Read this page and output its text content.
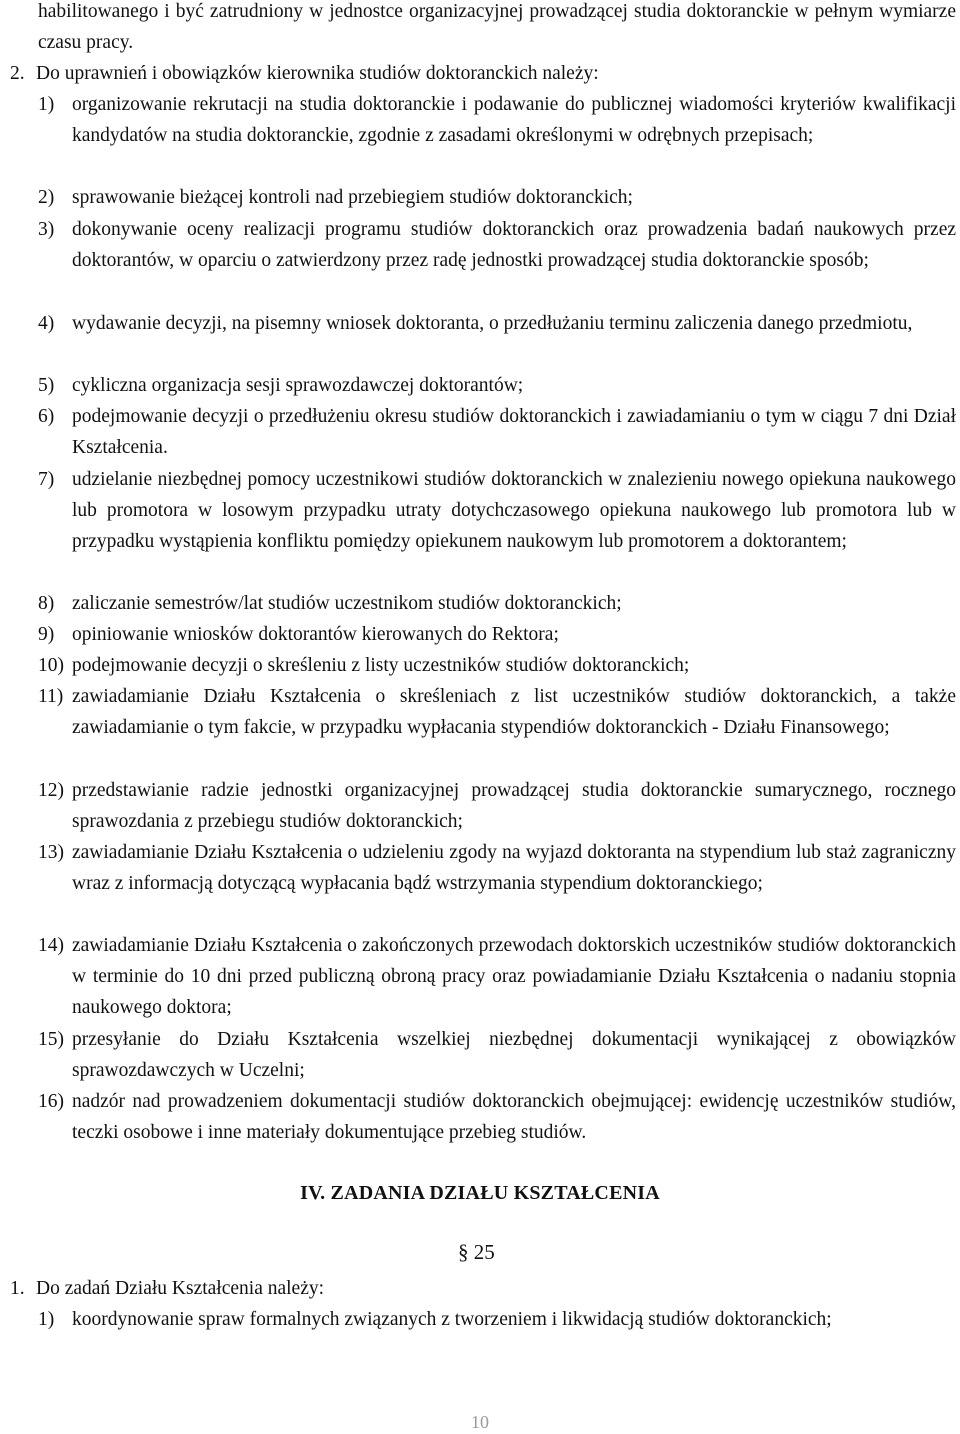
habilitowanego i być zatrudniony w jednostce organizacyjnej prowadzącej studia doktoranckie w pełnym wymiarze czasu pracy.
2. Do uprawnień i obowiązków kierownika studiów doktoranckich należy:
1) organizowanie rekrutacji na studia doktoranckie i podawanie do publicznej wiadomości kryteriów kwalifikacji kandydatów na studia doktoranckie, zgodnie z zasadami określonymi w odrębnych przepisach;
2) sprawowanie bieżącej kontroli nad przebiegiem studiów doktoranckich;
3) dokonywanie oceny realizacji programu studiów doktoranckich oraz prowadzenia badań naukowych przez doktorantów, w oparciu o zatwierdzony przez radę jednostki prowadzącej studia doktoranckie sposób;
4) wydawanie decyzji, na pisemny wniosek doktoranta, o przedłużaniu terminu zaliczenia danego przedmiotu,
5) cykliczna organizacja sesji sprawozdawczej doktorantów;
6) podejmowanie decyzji o przedłużeniu okresu studiów doktoranckich i zawiadamianiu o tym w ciągu 7 dni Dział Kształcenia.
7) udzielanie niezbędnej pomocy uczestnikowi studiów doktoranckich w znalezieniu nowego opiekuna naukowego lub promotora w losowym przypadku utraty dotychczasowego opiekuna naukowego lub promotora lub w przypadku wystąpienia konfliktu pomiędzy opiekunem naukowym lub promotorem a doktorantem;
8) zaliczanie semestrów/lat studiów uczestnikom studiów doktoranckich;
9) opiniowanie wniosków doktorantów kierowanych do Rektora;
10) podejmowanie decyzji o skreśleniu z listy uczestników studiów doktoranckich;
11) zawiadamianie Działu Kształcenia o skreśleniach z list uczestników studiów doktoranckich, a także zawiadamianie o tym fakcie, w przypadku wypłacania stypendiów doktoranckich - Działu Finansowego;
12) przedstawianie radzie jednostki organizacyjnej prowadzącej studia doktoranckie sumarycznego, rocznego sprawozdania z przebiegu studiów doktoranckich;
13) zawiadamianie Działu Kształcenia o udzieleniu zgody na wyjazd doktoranta na stypendium lub staż zagraniczny wraz z informacją dotyczącą wypłacania bądź wstrzymania stypendium doktoranckiego;
14) zawiadamianie Działu Kształcenia o zakończonych przewodach doktorskich uczestników studiów doktoranckich w terminie do 10 dni przed publiczną obroną pracy oraz powiadamianie Działu Kształcenia o nadaniu stopnia naukowego doktora;
15) przesyłanie do Działu Kształcenia wszelkiej niezbędnej dokumentacji wynikającej z obowiązków sprawozdawczych w Uczelni;
16) nadzór nad prowadzeniem dokumentacji studiów doktoranckich obejmującej: ewidencję uczestników studiów, teczki osobowe i inne materiały dokumentujące przebieg studiów.
IV. ZADANIA DZIAŁU KSZTAŁCENIA
§ 25
1. Do zadań Działu Kształcenia należy:
1) koordynowanie spraw formalnych związanych z tworzeniem i likwidacją studiów doktoranckich;
10
